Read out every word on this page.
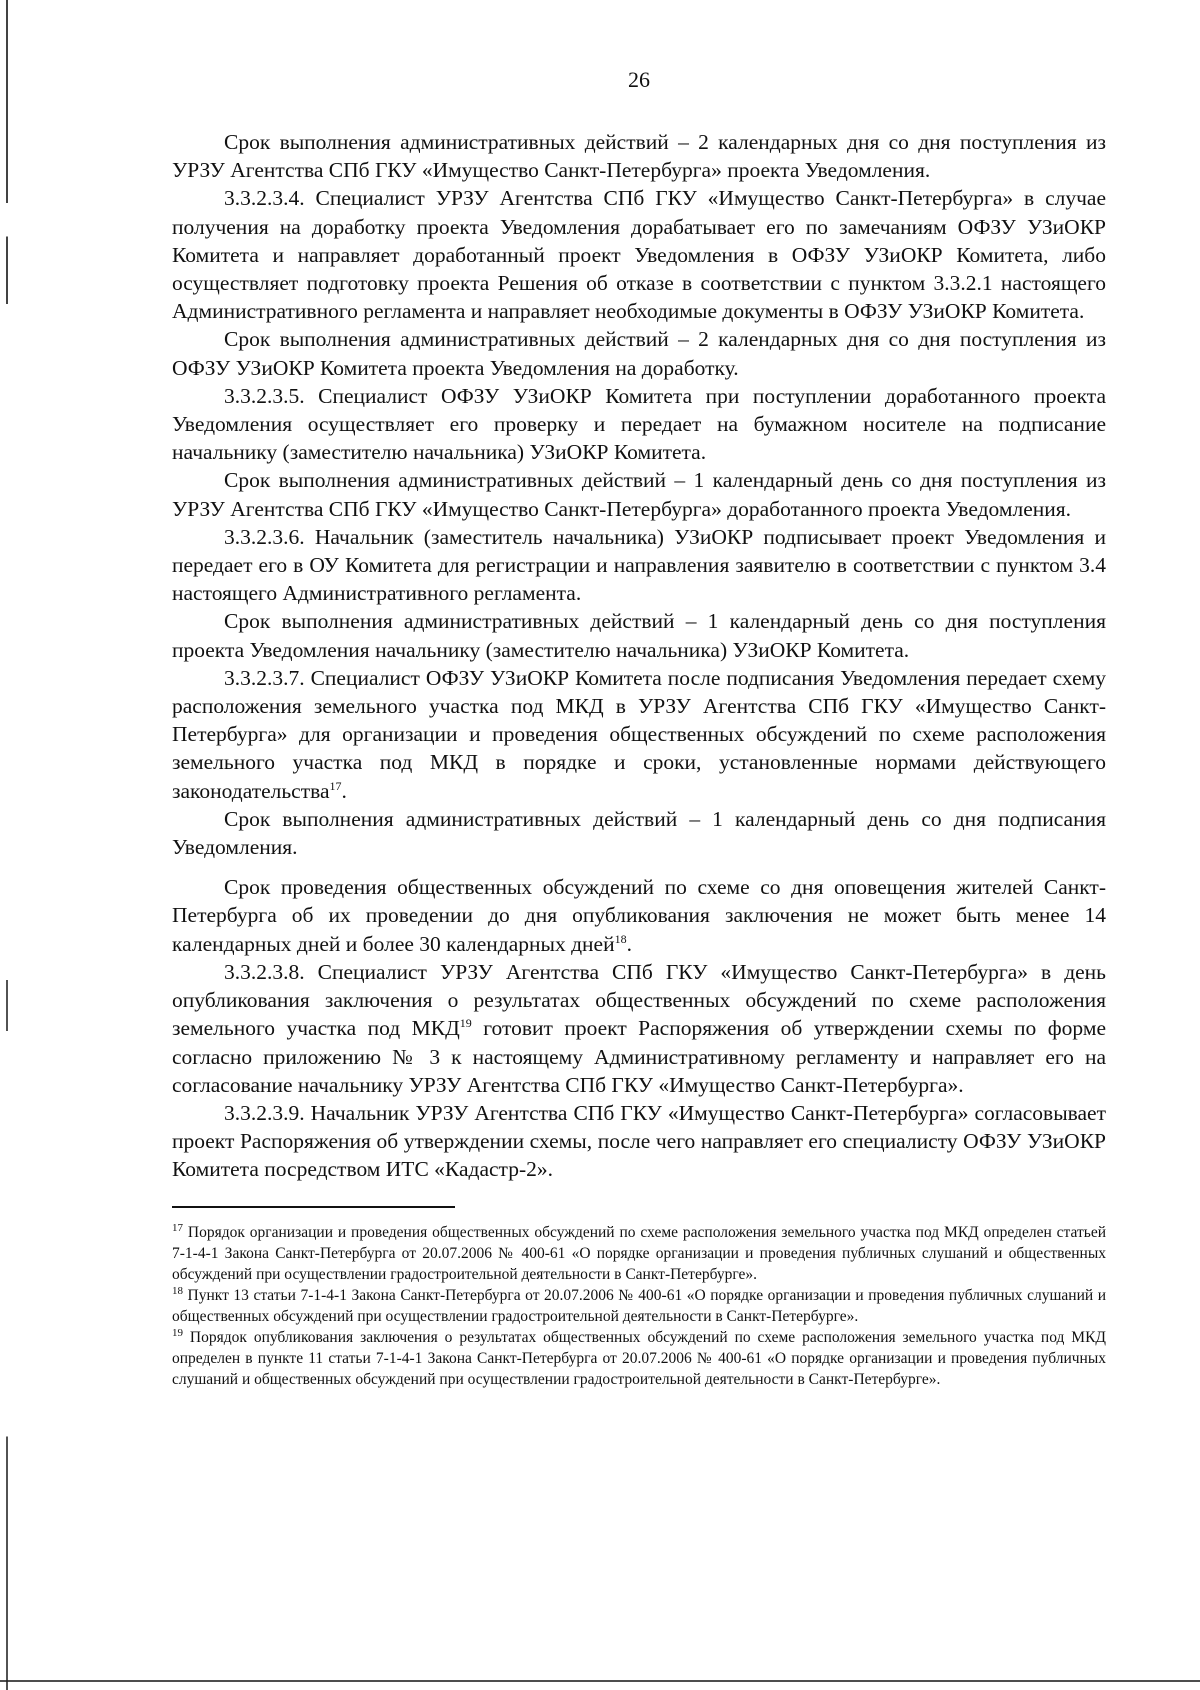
26

Срок выполнения административных действий – 2 календарных дня со дня поступления из УРЗУ Агентства СПб ГКУ «Имущество Санкт-Петербурга» проекта Уведомления.

3.3.2.3.4. Специалист УРЗУ Агентства СПб ГКУ «Имущество Санкт-Петербурга» в случае получения на доработку проекта Уведомления дорабатывает его по замечаниям ОФЗУ УЗиОКР Комитета и направляет доработанный проект Уведомления в ОФЗУ УЗиОКР Комитета, либо осуществляет подготовку проекта Решения об отказе в соответствии с пунктом 3.3.2.1 настоящего Административного регламента и направляет необходимые документы в ОФЗУ УЗиОКР Комитета.

Срок выполнения административных действий – 2 календарных дня со дня поступления из ОФЗУ УЗиОКР Комитета проекта Уведомления на доработку.

3.3.2.3.5. Специалист ОФЗУ УЗиОКР Комитета при поступлении доработанного проекта Уведомления осуществляет его проверку и передает на бумажном носителе на подписание начальнику (заместителю начальника) УЗиОКР Комитета.

Срок выполнения административных действий – 1 календарный день со дня поступления из УРЗУ Агентства СПб ГКУ «Имущество Санкт-Петербурга» доработанного проекта Уведомления.

3.3.2.3.6. Начальник (заместитель начальника) УЗиОКР подписывает проект Уведомления и передает его в ОУ Комитета для регистрации и направления заявителю в соответствии с пунктом 3.4 настоящего Административного регламента.

Срок выполнения административных действий – 1 календарный день со дня поступления проекта Уведомления начальнику (заместителю начальника) УЗиОКР Комитета.

3.3.2.3.7. Специалист ОФЗУ УЗиОКР Комитета после подписания Уведомления передает схему расположения земельного участка под МКД в УРЗУ Агентства СПб ГКУ «Имущество Санкт-Петербурга» для организации и проведения общественных обсуждений по схеме расположения земельного участка под МКД в порядке и сроки, установленные нормами действующего законодательства$^{17}$.

Срок выполнения административных действий – 1 календарный день со дня подписания Уведомления.

Срок проведения общественных обсуждений по схеме со дня оповещения жителей Санкт-Петербурга об их проведении до дня опубликования заключения не может быть менее 14 календарных дней и более 30 календарных дней$^{18}$.

3.3.2.3.8. Специалист УРЗУ Агентства СПб ГКУ «Имущество Санкт-Петербурга» в день опубликования заключения о результатах общественных обсуждений по схеме расположения земельного участка под МКД$^{19}$ готовит проект Распоряжения об утверждении схемы по форме согласно приложению № 3 к настоящему Административному регламенту и направляет его на согласование начальнику УРЗУ Агентства СПб ГКУ «Имущество Санкт-Петербурга».

3.3.2.3.9. Начальник УРЗУ Агентства СПб ГКУ «Имущество Санкт-Петербурга» согласовывает проект Распоряжения об утверждении схемы, после чего направляет его специалисту ОФЗУ УЗиОКР Комитета посредством ИТС «Кадастр-2».

$^{17}$ Порядок организации и проведения общественных обсуждений по схеме расположения земельного участка под МКД определен статьей 7-1-4-1 Закона Санкт-Петербурга от 20.07.2006 № 400-61 «О порядке организации и проведения публичных слушаний и общественных обсуждений при осуществлении градостроительной деятельности в Санкт-Петербурге».

$^{18}$ Пункт 13 статьи 7-1-4-1 Закона Санкт-Петербурга от 20.07.2006 № 400-61 «О порядке организации и проведения публичных слушаний и общественных обсуждений при осуществлении градостроительной деятельности в Санкт-Петербурге».

$^{19}$ Порядок опубликования заключения о результатах общественных обсуждений по схеме расположения земельного участка под МКД определен в пункте 11 статьи 7-1-4-1 Закона Санкт-Петербурга от 20.07.2006 № 400-61 «О порядке организации и проведения публичных слушаний и общественных обсуждений при осуществлении градостроительной деятельности в Санкт-Петербурге».
